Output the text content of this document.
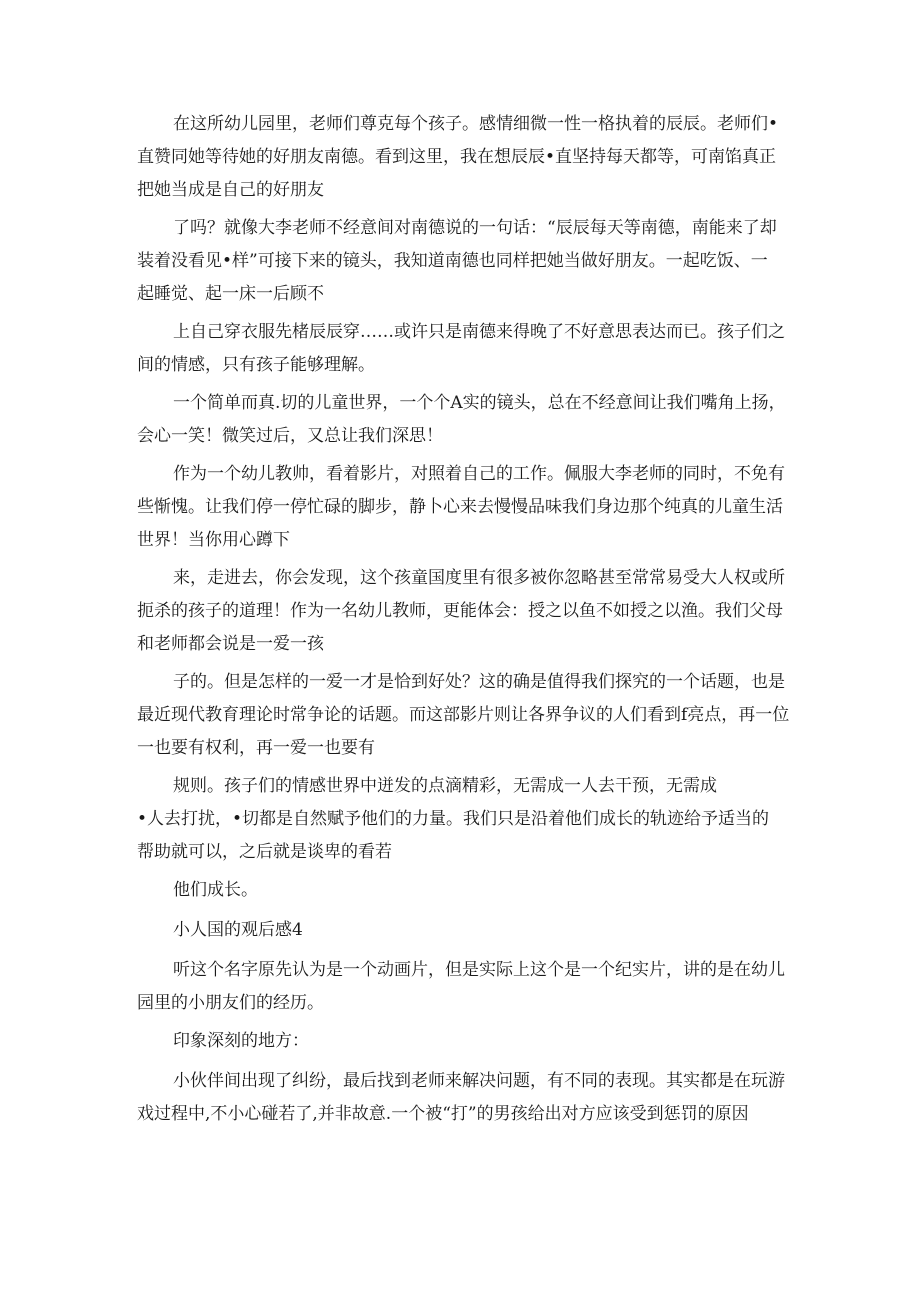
在这所幼儿园里，老师们尊克每个孩子。感情细微一性一格执着的辰辰。老师们•
直赞同她等待她的好朋友南德。看到这里，我在想辰辰•直坚持每天都等，可南馅真正
把她当成是自己的好朋友
了吗？就像大李老师不经意间对南德说的一句话：“辰辰每天等南德，南能来了却
装着没看见•样”可接下来的镜头，我知道南德也同样把她当做好朋友。一起吃饭、一
起睡觉、起一床一后顾不
上自己穿衣服先楮辰辰穿……或许只是南德来得晚了不好意思表达而已。孩子们之
间的情感，只有孩子能够理解。
一个简单而真.切的儿童世界，一个个A实的镜头，总在不经意间让我们嘴角上扬，
会心一笑！微笑过后，又总让我们深思！
作为一个幼儿教帅，看着影片，对照着自己的工作。佩服大李老师的同时，不免有
些惭愧。让我们停一停忙碌的脚步，静卜心来去慢慢品味我们身边那个纯真的儿童生活
世界！当你用心蹲下
来，走进去，你会发现，这个孩童国度里有很多被你忽略甚至常常易受大人权或所
扼杀的孩子的道理！作为一名幼儿教师，更能体会：授之以鱼不如授之以渔。我们父母
和老师都会说是一爱一孩
子的。但是怎样的一爱一才是恰到好处？这的确是值得我们探究的一个话题，也是
最近现代教育理论时常争论的话题。而这部影片则让各界争议的人们看到f亮点，再一位
一也要有权利，再一爱一也要有
规则。孩子们的情感世界中迸发的点滴精彩，无需成一人去干预，无需成
•人去打扰，•切都是自然赋予他们的力量。我们只是沿着他们成长的轨迹给予适当的
帮助就可以，之后就是谈卑的看若
他们成长。
小人国的观后感4
听这个名字原先认为是一个动画片，但是实际上这个是一个纪实片，讲的是在幼儿
园里的小朋友们的经历。
印象深刻的地方：
小伙伴间出现了纠纷，最后找到老师来解决问题，有不同的表现。其实都是在玩游
戏过程中,不小心碰若了,并非故意.一个被“打”的男孩给出对方应该受到惩罚的原因
